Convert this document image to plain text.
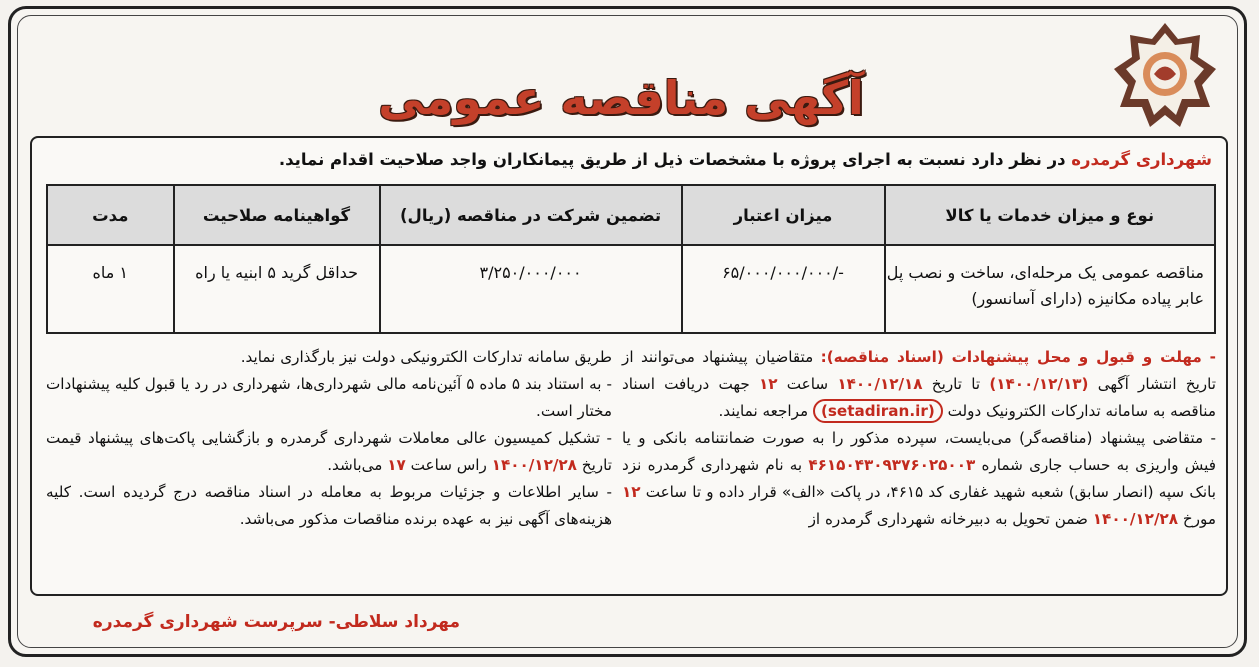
آگهی مناقصه عمومی
شهرداری گرمدره در نظر دارد نسبت به اجرای پروژه با مشخصات ذیل از طریق پیمانکاران واجد صلاحیت اقدام نماید.
نوع و میزان خدمات یا کالا	میزان اعتبار	تضمین شرکت در مناقصه (ریال)	گواهینامه صلاحیت	مدت
مناقصه عمومی یک مرحله‌ای، ساخت و نصب پل عابر پیاده مکانیزه (دارای آسانسور)	-/۶۵/۰۰۰/۰۰۰/۰۰۰	۳/۲۵۰/۰۰۰/۰۰۰	حداقل گرید ۵ ابنیه یا راه	۱ ماه

- مهلت و قبول و محل پیشنهادات (اسناد مناقصه): متقاضیان پیشنهاد می‌توانند از تاریخ انتشار آگهی (۱۴۰۰/۱۲/۱۳) تا تاریخ ۱۴۰۰/۱۲/۱۸ ساعت ۱۲ جهت دریافت اسناد مناقصه به سامانه تدارکات الکترونیک دولت (setadiran.ir) مراجعه نمایند.

- متقاضی پیشنهاد (مناقصه‌گر) می‌بایست، سپرده مذکور را به صورت ضمانتنامه بانکی و یا فیش واریزی به حساب جاری شماره ۴۶۱۵۰۴۳۰۹۳۷۶۰۲۵۰۰۳ به نام شهرداری گرمدره نزد بانک سپه (انصار سابق) شعبه شهید غفاری کد ۴۶۱۵، در پاکت «الف» قرار داده و تا ساعت ۱۲ مورخ ۱۴۰۰/۱۲/۲۸ ضمن تحویل به دبیرخانه شهرداری گرمدره از

طریق سامانه تدارکات الکترونیکی دولت نیز بارگذاری نماید.

- به استناد بند ۵ ماده ۵ آئین‌نامه مالی شهرداری‌ها، شهرداری در رد یا قبول کلیه پیشنهادات مختار است.

- تشکیل کمیسیون عالی معاملات شهرداری گرمدره و بازگشایی پاکت‌های پیشنهاد قیمت تاریخ ۱۴۰۰/۱۲/۲۸ راس ساعت ۱۷ می‌باشد.

- سایر اطلاعات و جزئیات مربوط به معامله در اسناد مناقصه درج گردیده است. کلیه هزینه‌های آگهی نیز به عهده برنده مناقصات مذکور می‌باشد.

مهرداد سلاطی- سرپرست شهرداری گرمدره
